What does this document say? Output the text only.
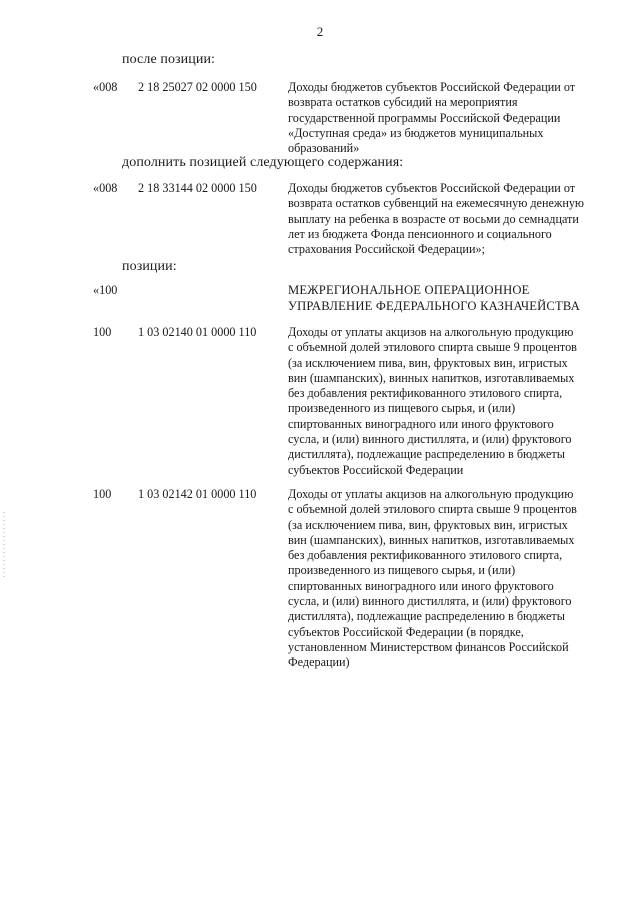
2
после позиции:
«008 2 18 25027 02 0000 150	Доходы бюджетов субъектов Российской Федерации от
возврата остатков субсидий на мероприятия
государственной программы Российской Федерации
«Доступная среда» из бюджетов муниципальных
образований»
дополнить позицией следующего содержания:
«008 2 18 33144 02 0000 150	Доходы бюджетов субъектов Российской Федерации от
возврата остатков субвенций на ежемесячную денежную
выплату на ребенка в возрасте от восьми до семнадцати
лет из бюджета Фонда пенсионного и социального
страхования Российской Федерации»;
позиции:
«100	МЕЖРЕГИОНАЛЬНОЕ ОПЕРАЦИОННОЕ
УПРАВЛЕНИЕ ФЕДЕРАЛЬНОГО КАЗНАЧЕЙСТВА
100 1 03 02140 01 0000 110	Доходы от уплаты акцизов на алкогольную продукцию
с объемной долей этилового спирта свыше 9 процентов
(за исключением пива, вин, фруктовых вин, игристых
вин (шампанских), винных напитков, изготавливаемых
без добавления ректификованного этилового спирта,
произведенного из пищевого сырья, и (или)
спиртованных виноградного или иного фруктового
сусла, и (или) винного дистиллята, и (или) фруктового
дистиллята), подлежащие распределению в бюджеты
субъектов Российской Федерации
100 1 03 02142 01 0000 110	Доходы от уплаты акцизов на алкогольную продукцию
с объемной долей этилового спирта свыше 9 процентов
(за исключением пива, вин, фруктовых вин, игристых
вин (шампанских), винных напитков, изготавливаемых
без добавления ректификованного этилового спирта,
произведенного из пищевого сырья, и (или)
спиртованных виноградного или иного фруктового
сусла, и (или) винного дистиллята, и (или) фруктового
дистиллята), подлежащие распределению в бюджеты
субъектов Российской Федерации (в порядке,
установленном Министерством финансов Российской
Федерации)
